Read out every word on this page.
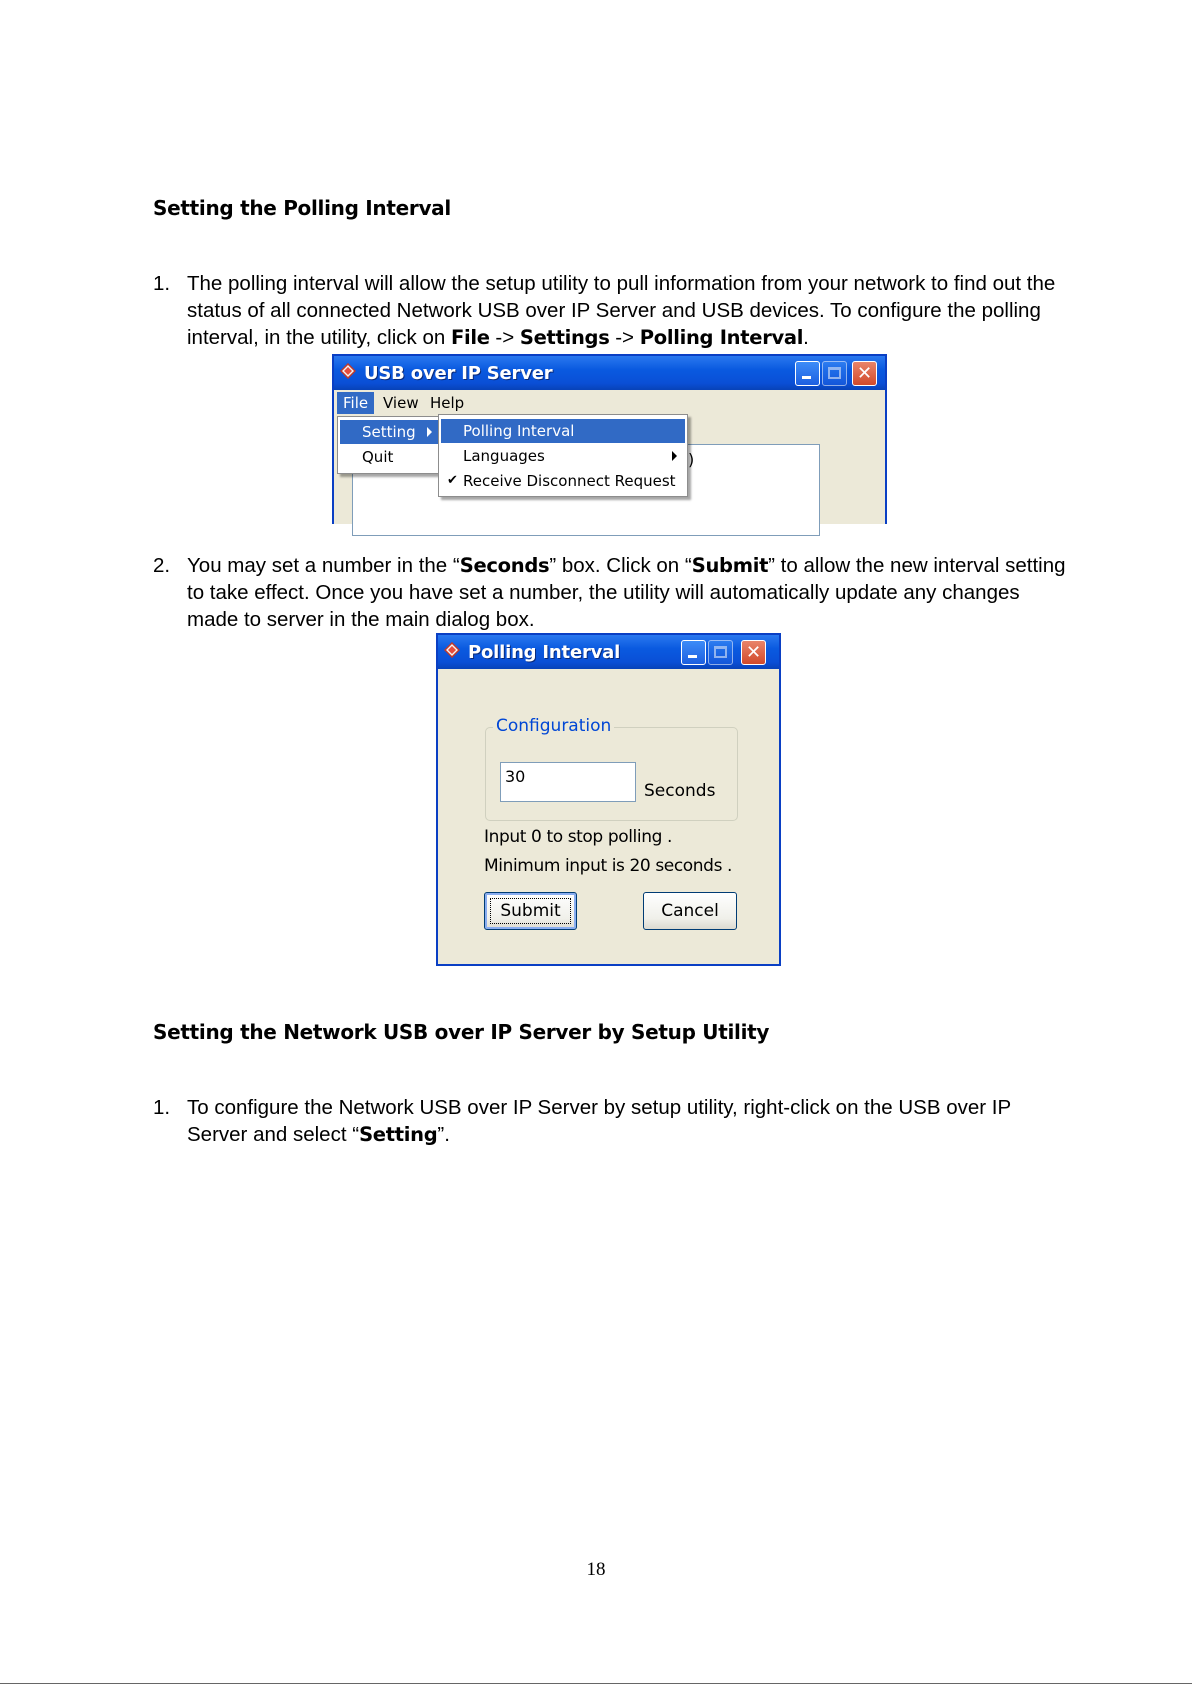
Setting the Polling Interval
1. The polling interval will allow the setup utility to pull information from your network to find out the status of all connected Network USB over IP Server and USB devices. To configure the polling interval, in the utility, click on File -> Settings -> Polling Interval.
USB over IP Server	✕
File View Help
)
Setting
Quit
Polling Interval
Languages
✔ Receive Disconnect Request
2. You may set a number in the “Seconds” box. Click on “Submit” to allow the new interval setting to take effect. Once you have set a number, the utility will automatically update any changes made to server in the main dialog box.
Polling Interval	✕
Configuration
30
Seconds
Input 0 to stop polling .
Minimum input is 20 seconds .
Submit	Cancel
Setting the Network USB over IP Server by Setup Utility
1. To configure the Network USB over IP Server by setup utility, right-click on the USB over IP Server and select “Setting”.
18
